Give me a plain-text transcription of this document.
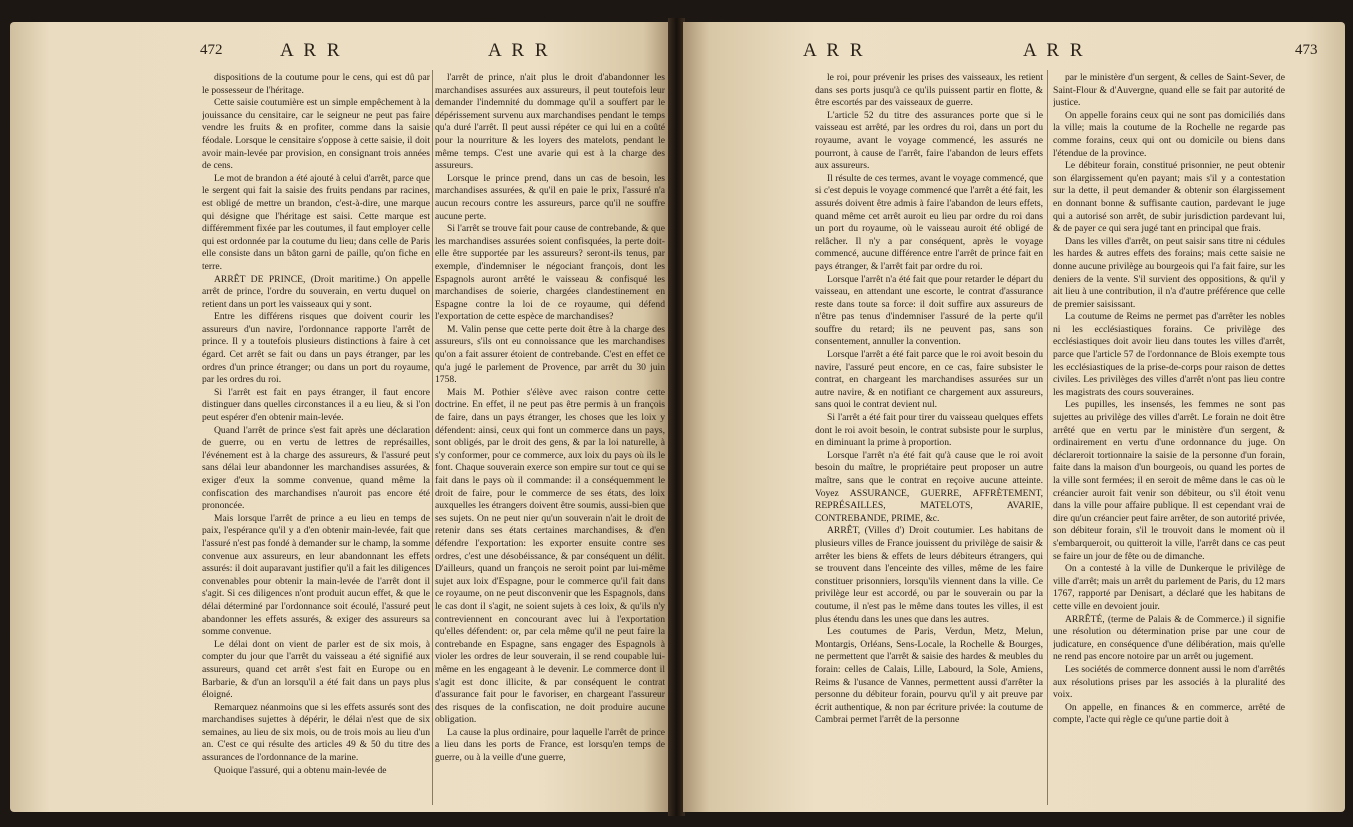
472	A R R	A R R

dispositions de la coutume pour le cens, qui est dû par le possesseur de l'héritage.

Cette saisie coutumière est un simple empêchement à la jouissance du censitaire, car le seigneur ne peut pas faire vendre les fruits & en profiter, comme dans la saisie féodale. Lorsque le censitaire s'oppose à cette saisie, il doit avoir main-levée par provision, en consignant trois années de cens.

Le mot de brandon a été ajouté à celui d'arrêt, parce que le sergent qui fait la saisie des fruits pendans par racines, est obligé de mettre un brandon, c'est-à-dire, une marque qui désigne que l'héritage est saisi. Cette marque est différemment fixée par les coutumes, il faut employer celle qui est ordonnée par la coutume du lieu; dans celle de Paris elle consiste dans un bâton garni de paille, qu'on fiche en terre.

ARRÊT DE PRINCE, (Droit maritime.) On appelle arrêt de prince, l'ordre du souverain, en vertu duquel on retient dans un port les vaisseaux qui y sont.

Entre les différens risques que doivent courir les assureurs d'un navire, l'ordonnance rapporte l'arrêt de prince. Il y a toutefois plusieurs distinctions à faire à cet égard. Cet arrêt se fait ou dans un pays étranger, par les ordres d'un prince étranger; ou dans un port du royaume, par les ordres du roi.

Si l'arrêt est fait en pays étranger, il faut encore distinguer dans quelles circonstances il a eu lieu, & si l'on peut espérer d'en obtenir main-levée.

Quand l'arrêt de prince s'est fait après une déclaration de guerre, ou en vertu de lettres de représailles, l'événement est à la charge des assureurs, & l'assuré peut sans délai leur abandonner les marchandises assurées, & exiger d'eux la somme convenue, quand même la confiscation des marchandises n'auroit pas encore été prononcée.

Mais lorsque l'arrêt de prince a eu lieu en temps de paix, l'espérance qu'il y a d'en obtenir main-levée, fait que l'assuré n'est pas fondé à demander sur le champ, la somme convenue aux assureurs, en leur abandonnant les effets assurés: il doit auparavant justifier qu'il a fait les diligences convenables pour obtenir la main-levée de l'arrêt dont il s'agit. Si ces diligences n'ont produit aucun effet, & que le délai déterminé par l'ordonnance soit écoulé, l'assuré peut abandonner les effets assurés, & exiger des assureurs sa somme convenue.

Le délai dont on vient de parler est de six mois, à compter du jour que l'arrêt du vaisseau a été signifié aux assureurs, quand cet arrêt s'est fait en Europe ou en Barbarie, & d'un an lorsqu'il a été fait dans un pays plus éloigné.

Remarquez néanmoins que si les effets assurés sont des marchandises sujettes à dépérir, le délai n'est que de six semaines, au lieu de six mois, ou de trois mois au lieu d'un an. C'est ce qui résulte des articles 49 & 50 du titre des assurances de l'ordonnance de la marine.

Quoique l'assuré, qui a obtenu main-levée de

l'arrêt de prince, n'ait plus le droit d'abandonner les marchandises assurées aux assureurs, il peut toutefois leur demander l'indemnité du dommage qu'il a souffert par le dépérissement survenu aux marchandises pendant le temps qu'a duré l'arrêt. Il peut aussi répéter ce qui lui en a coûté pour la nourriture & les loyers des matelots, pendant le même temps. C'est une avarie qui est à la charge des assureurs.

Lorsque le prince prend, dans un cas de besoin, les marchandises assurées, & qu'il en paie le prix, l'assuré n'a aucun recours contre les assureurs, parce qu'il ne souffre aucune perte.

Si l'arrêt se trouve fait pour cause de contrebande, & que les marchandises assurées soient confisquées, la perte doit-elle être supportée par les assureurs? seront-ils tenus, par exemple, d'indemniser le négociant françois, dont les Espagnols auront arrêté le vaisseau & confisqué les marchandises de soierie, chargées clandestinement en Espagne contre la loi de ce royaume, qui défend l'exportation de cette espèce de marchandises?

M. Valin pense que cette perte doit être à la charge des assureurs, s'ils ont eu connoissance que les marchandises qu'on a fait assurer étoient de contrebande. C'est en effet ce qu'a jugé le parlement de Provence, par arrêt du 30 juin 1758.

Mais M. Pothier s'élève avec raison contre cette doctrine. En effet, il ne peut pas être permis à un françois de faire, dans un pays étranger, les choses que les loix y défendent: ainsi, ceux qui font un commerce dans un pays, sont obligés, par le droit des gens, & par la loi naturelle, à s'y conformer, pour ce commerce, aux loix du pays où ils le font. Chaque souverain exerce son empire sur tout ce qui se fait dans le pays où il commande: il a conséquemment le droit de faire, pour le commerce de ses états, des loix auxquelles les étrangers doivent être soumis, aussi-bien que ses sujets. On ne peut nier qu'un souverain n'ait le droit de retenir dans ses états certaines marchandises, & d'en défendre l'exportation: les exporter ensuite contre ses ordres, c'est une désobéissance, & par conséquent un délit. D'ailleurs, quand un françois ne seroit point par lui-même sujet aux loix d'Espagne, pour le commerce qu'il fait dans ce royaume, on ne peut disconvenir que les Espagnols, dans le cas dont il s'agit, ne soient sujets à ces loix, & qu'ils n'y contreviennent en concourant avec lui à l'exportation qu'elles défendent: or, par cela même qu'il ne peut faire la contrebande en Espagne, sans engager des Espagnols à violer les ordres de leur souverain, il se rend coupable lui-même en les engageant à le devenir. Le commerce dont il s'agit est donc illicite, & par conséquent le contrat d'assurance fait pour le favoriser, en chargeant l'assureur des risques de la confiscation, ne doit produire aucune obligation.

La cause la plus ordinaire, pour laquelle l'arrêt de prince a lieu dans les ports de France, est lorsqu'en temps de guerre, ou à la veille d'une guerre,

A R R	A R R	473

le roi, pour prévenir les prises des vaisseaux, les retient dans ses ports jusqu'à ce qu'ils puissent partir en flotte, & être escortés par des vaisseaux de guerre.

L'article 52 du titre des assurances porte que si le vaisseau est arrêté, par les ordres du roi, dans un port du royaume, avant le voyage commencé, les assurés ne pourront, à cause de l'arrêt, faire l'abandon de leurs effets aux assureurs.

Il résulte de ces termes, avant le voyage commencé, que si c'est depuis le voyage commencé que l'arrêt a été fait, les assurés doivent être admis à faire l'abandon de leurs effets, quand même cet arrêt auroit eu lieu par ordre du roi dans un port du royaume, où le vaisseau auroit été obligé de relâcher. Il n'y a par conséquent, après le voyage commencé, aucune différence entre l'arrêt de prince fait en pays étranger, & l'arrêt fait par ordre du roi.

Lorsque l'arrêt n'a été fait que pour retarder le départ du vaisseau, en attendant une escorte, le contrat d'assurance reste dans toute sa force: il doit suffire aux assureurs de n'être pas tenus d'indemniser l'assuré de la perte qu'il souffre du retard; ils ne peuvent pas, sans son consentement, annuller la convention.

Lorsque l'arrêt a été fait parce que le roi avoit besoin du navire, l'assuré peut encore, en ce cas, faire subsister le contrat, en chargeant les marchandises assurées sur un autre navire, & en notifiant ce chargement aux assureurs, sans quoi le contrat devient nul.

Si l'arrêt a été fait pour tirer du vaisseau quelques effets dont le roi avoit besoin, le contrat subsiste pour le surplus, en diminuant la prime à proportion.

Lorsque l'arrêt n'a été fait qu'à cause que le roi avoit besoin du maître, le propriétaire peut proposer un autre maître, sans que le contrat en reçoive aucune atteinte. Voyez ASSURANCE, GUERRE, AFFRÈTEMENT, REPRÉSAILLES, MATELOTS, AVARIE, CONTREBANDE, PRIME, &c.

ARRÊT, (Villes d') Droit coutumier. Les habitans de plusieurs villes de France jouissent du privilège de saisir & arrêter les biens & effets de leurs débiteurs étrangers, qui se trouvent dans l'enceinte des villes, même de les faire constituer prisonniers, lorsqu'ils viennent dans la ville. Ce privilège leur est accordé, ou par le souverain ou par la coutume, il n'est pas le même dans toutes les villes, il est plus étendu dans les unes que dans les autres.

Les coutumes de Paris, Verdun, Metz, Melun, Montargis, Orléans, Sens-Locale, la Rochelle & Bourges, ne permettent que l'arrêt & saisie des hardes & meubles du forain: celles de Calais, Lille, Labourd, la Sole, Amiens, Reims & l'usance de Vannes, permettent aussi d'arrêter la personne du débiteur forain, pourvu qu'il y ait preuve par écrit authentique, & non par écriture privée: la coutume de Cambrai permet l'arrêt de la personne

par le ministère d'un sergent, & celles de Saint-Sever, de Saint-Flour & d'Auvergne, quand elle se fait par autorité de justice.

On appelle forains ceux qui ne sont pas domiciliés dans la ville; mais la coutume de la Rochelle ne regarde pas comme forains, ceux qui ont ou domicile ou biens dans l'étendue de la province.

Le débiteur forain, constitué prisonnier, ne peut obtenir son élargissement qu'en payant; mais s'il y a contestation sur la dette, il peut demander & obtenir son élargissement en donnant bonne & suffisante caution, pardevant le juge qui a autorisé son arrêt, de subir jurisdiction pardevant lui, & de payer ce qui sera jugé tant en principal que frais.

Dans les villes d'arrêt, on peut saisir sans titre ni cédules les hardes & autres effets des forains; mais cette saisie ne donne aucune privilège au bourgeois qui l'a fait faire, sur les deniers de la vente. S'il survient des oppositions, & qu'il y ait lieu à une contribution, il n'a d'autre préférence que celle de premier saisissant.

La coutume de Reims ne permet pas d'arrêter les nobles ni les ecclésiastiques forains. Ce privilège des ecclésiastiques doit avoir lieu dans toutes les villes d'arrêt, parce que l'article 57 de l'ordonnance de Blois exempte tous les ecclésiastiques de la prise-de-corps pour raison de dettes civiles. Les privilèges des villes d'arrêt n'ont pas lieu contre les magistrats des cours souveraines.

Les pupilles, les insensés, les femmes ne sont pas sujettes au privilège des villes d'arrêt. Le forain ne doit être arrêté que en vertu par le ministère d'un sergent, & ordinairement en vertu d'une ordonnance du juge. On déclareroit tortionnaire la saisie de la personne d'un forain, faite dans la maison d'un bourgeois, ou quand les portes de la ville sont fermées; il en seroit de même dans le cas où le créancier auroit fait venir son débiteur, ou s'il étoit venu dans la ville pour affaire publique. Il est cependant vrai de dire qu'un créancier peut faire arrêter, de son autorité privée, son débiteur forain, s'il le trouvoit dans le moment où il s'embarqueroit, ou quitteroit la ville, l'arrêt dans ce cas peut se faire un jour de fête ou de dimanche.

On a contesté à la ville de Dunkerque le privilège de ville d'arrêt; mais un arrêt du parlement de Paris, du 12 mars 1767, rapporté par Denisart, a déclaré que les habitans de cette ville en devoient jouir.

ARRÊTÉ, (terme de Palais & de Commerce.) il signifie une résolution ou détermination prise par une cour de judicature, en conséquence d'une délibération, mais qu'elle ne rend pas encore notoire par un arrêt ou jugement.

Les sociétés de commerce donnent aussi le nom d'arrêtés aux résolutions prises par les associés à la pluralité des voix.

On appelle, en finances & en commerce, arrêté de compte, l'acte qui règle ce qu'une partie doit à
